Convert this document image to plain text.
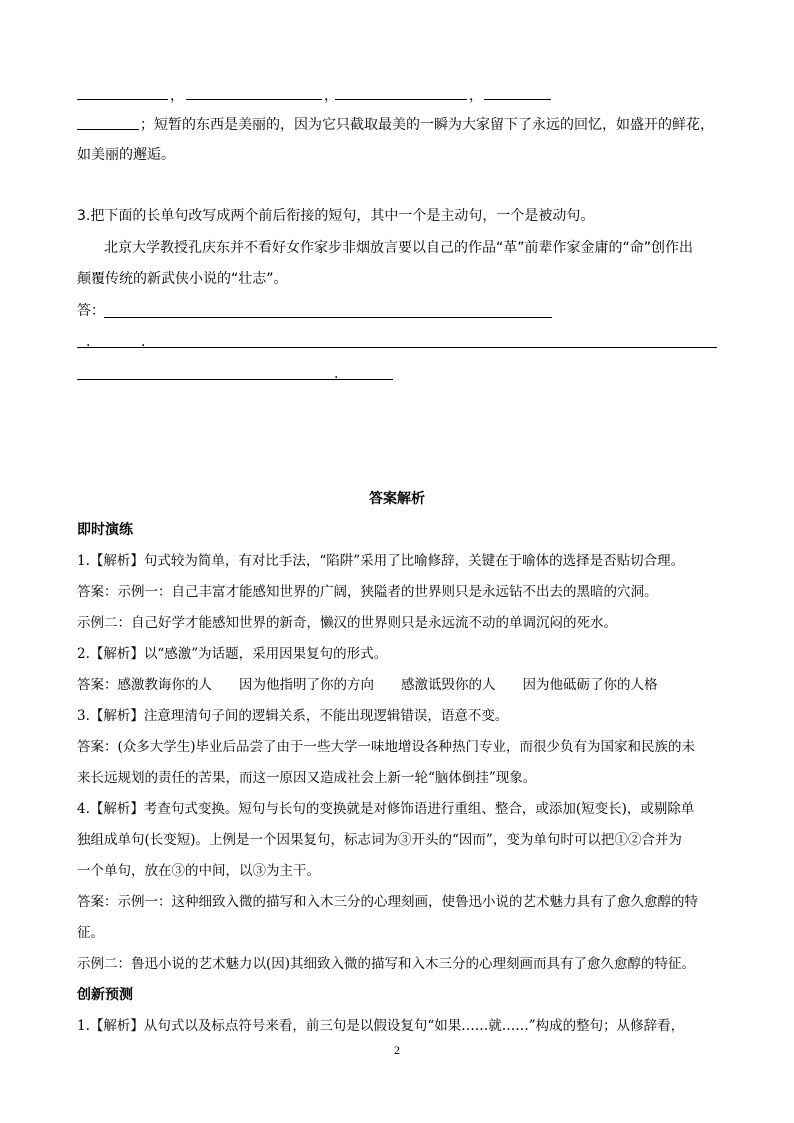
，	，	，
；短暂的东西是美丽的，因为它只截取最美的一瞬为大家留下了永远的回忆，如盛开的鲜花，
如美丽的邂逅。
3.把下面的长单句改写成两个前后衔接的短句，其中一个是主动句，一个是被动句。
北京大学教授孔庆东并不看好女作家步非烟放言要以自己的作品“革”前辈作家金庸的“命”创作出
颠覆传统的新武侠小说的“壮志”。
答：
.	.
.
答案解析
即时演练
1.【解析】句式较为简单，有对比手法，“陷阱”采用了比喻修辞，关键在于喻体的选择是否贴切合理。
答案：示例一：自己丰富才能感知世界的广阔，狭隘者的世界则只是永远钻不出去的黑暗的穴洞。
示例二：自己好学才能感知世界的新奇，懒汉的世界则只是永远流不动的单调沉闷的死水。
2.【解析】以“感激”为话题，采用因果复句的形式。
答案：感激教诲你的人　　因为他指明了你的方向　　感激诋毁你的人　　因为他砥砺了你的人格
3.【解析】注意理清句子间的逻辑关系，不能出现逻辑错误，语意不变。
答案：(众多大学生)毕业后品尝了由于一些大学一味地增设各种热门专业，而很少负有为国家和民族的未
来长远规划的责任的苦果，而这一原因又造成社会上新一轮“脑体倒挂”现象。
4.【解析】考查句式变换。短句与长句的变换就是对修饰语进行重组、整合，或添加(短变长)，或剔除单
独组成单句(长变短)。上例是一个因果复句，标志词为③开头的“因而”，变为单句时可以把①②合并为
一个单句，放在③的中间，以③为主干。
答案：示例一：这种细致入微的描写和入木三分的心理刻画，使鲁迅小说的艺术魅力具有了愈久愈醇的特
征。
示例二：鲁迅小说的艺术魅力以(因)其细致入微的描写和入木三分的心理刻画而具有了愈久愈醇的特征。
创新预测
1.【解析】从句式以及标点符号来看，前三句是以假设复句“如果……就……”构成的整句；从修辞看，
2
